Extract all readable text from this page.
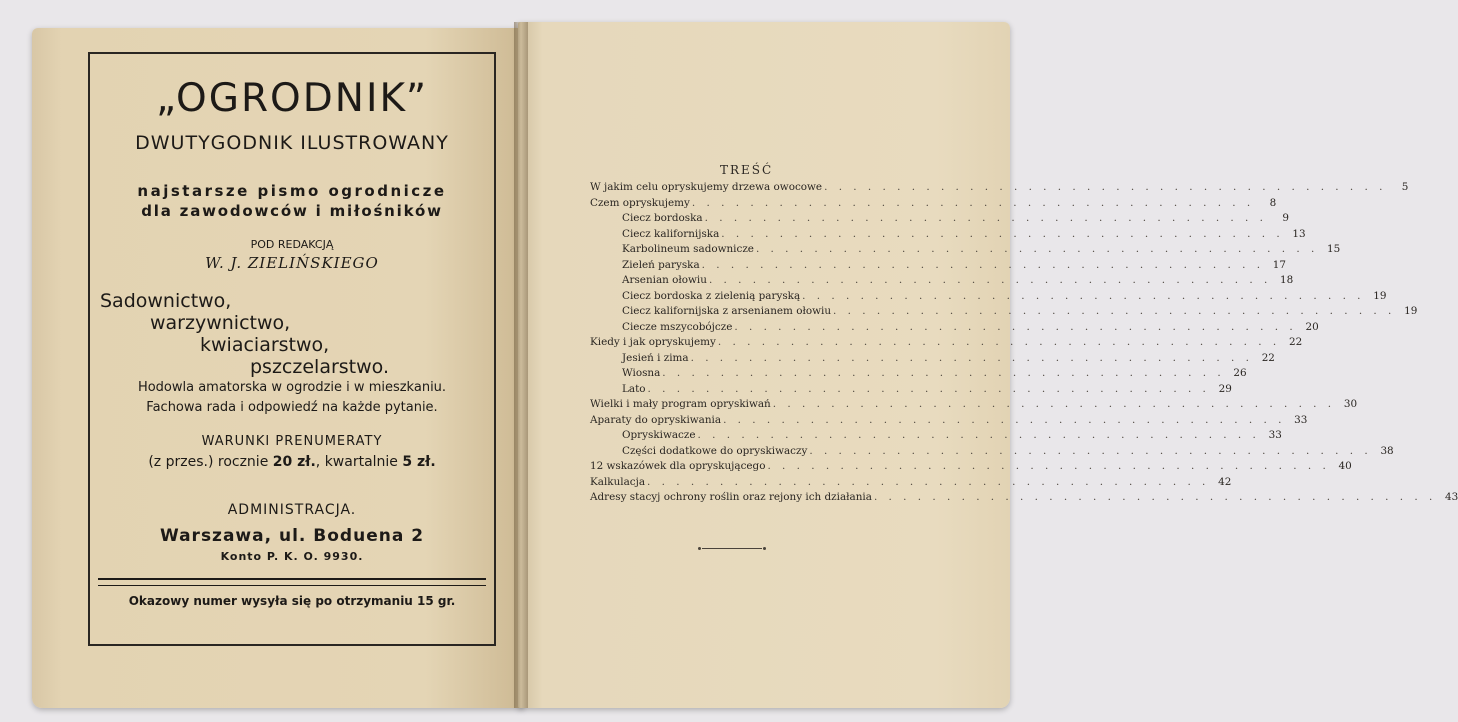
„OGRODNIK”
DWUTYGODNIK ILUSTROWANY
najstarsze pismo ogrodnicze
dla zawodowców i miłośników
POD REDAKCJĄ
W. J. ZIELIŃSKIEGO
Sadownictwo,
warzywnictwo,
kwiaciarstwo,
pszczelarstwo.
Hodowla amatorska w ogrodzie i w mieszkaniu.
Fachowa rada i odpowiedź na każde pytanie.
WARUNKI PRENUMERATY
(z przes.) rocznie 20 zł., kwartalnie 5 zł.
ADMINISTRACJA.
Warszawa, ul. Boduena 2
Konto P. K. O. 9930.
Okazowy numer wysyła się po otrzymaniu 15 gr.
TREŚĆ
W jakim celu opryskujemy drzewa owocowe . . . . . . . . . . . . . . . . . . . . . . . . . . . . . . . . . . . . . . .	5
Czem opryskujemy . . . . . . . . . . . . . . . . . . . . . . . . . . . . . . . . . . . . . . .	8
Ciecz bordoska . . . . . . . . . . . . . . . . . . . . . . . . . . . . . . . . . . . . . . .	9
Ciecz kalifornijska . . . . . . . . . . . . . . . . . . . . . . . . . . . . . . . . . . . . . . . 13
Karbolineum sadownicze . . . . . . . . . . . . . . . . . . . . . . . . . . . . . . . . . . . . . . . 15
Zieleń paryska . . . . . . . . . . . . . . . . . . . . . . . . . . . . . . . . . . . . . . . 17
Arsenian ołowiu . . . . . . . . . . . . . . . . . . . . . . . . . . . . . . . . . . . . . . . 18
Ciecz bordoska z zielenią paryską . . . . . . . . . . . . . . . . . . . . . . . . . . . . . . . . . . . . . . . 19
Ciecz kalifornijska z arsenianem ołowiu . . . . . . . . . . . . . . . . . . . . . . . . . . . . . . . . . . . . . . . 19
Ciecze mszycobójcze . . . . . . . . . . . . . . . . . . . . . . . . . . . . . . . . . . . . . . . 20
Kiedy i jak opryskujemy . . . . . . . . . . . . . . . . . . . . . . . . . . . . . . . . . . . . . . . 22
Jesień i zima . . . . . . . . . . . . . . . . . . . . . . . . . . . . . . . . . . . . . . . 22
Wiosna . . . . . . . . . . . . . . . . . . . . . . . . . . . . . . . . . . . . . . . 26
Lato . . . . . . . . . . . . . . . . . . . . . . . . . . . . . . . . . . . . . . . 29
Wielki i mały program opryskiwań . . . . . . . . . . . . . . . . . . . . . . . . . . . . . . . . . . . . . . . 30
Aparaty do opryskiwania . . . . . . . . . . . . . . . . . . . . . . . . . . . . . . . . . . . . . . . 33
Opryskiwacze . . . . . . . . . . . . . . . . . . . . . . . . . . . . . . . . . . . . . . . 33
Części dodatkowe do opryskiwaczy . . . . . . . . . . . . . . . . . . . . . . . . . . . . . . . . . . . . . . . 38
12 wskazówek dla opryskującego . . . . . . . . . . . . . . . . . . . . . . . . . . . . . . . . . . . . . . . 40
Kalkulacja . . . . . . . . . . . . . . . . . . . . . . . . . . . . . . . . . . . . . . . 42
Adresy stacyj ochrony roślin oraz rejony ich działania . . . . . . . . . . . . . . . . . . . . . . . . . . . . . . . . . . . . . . . 43
